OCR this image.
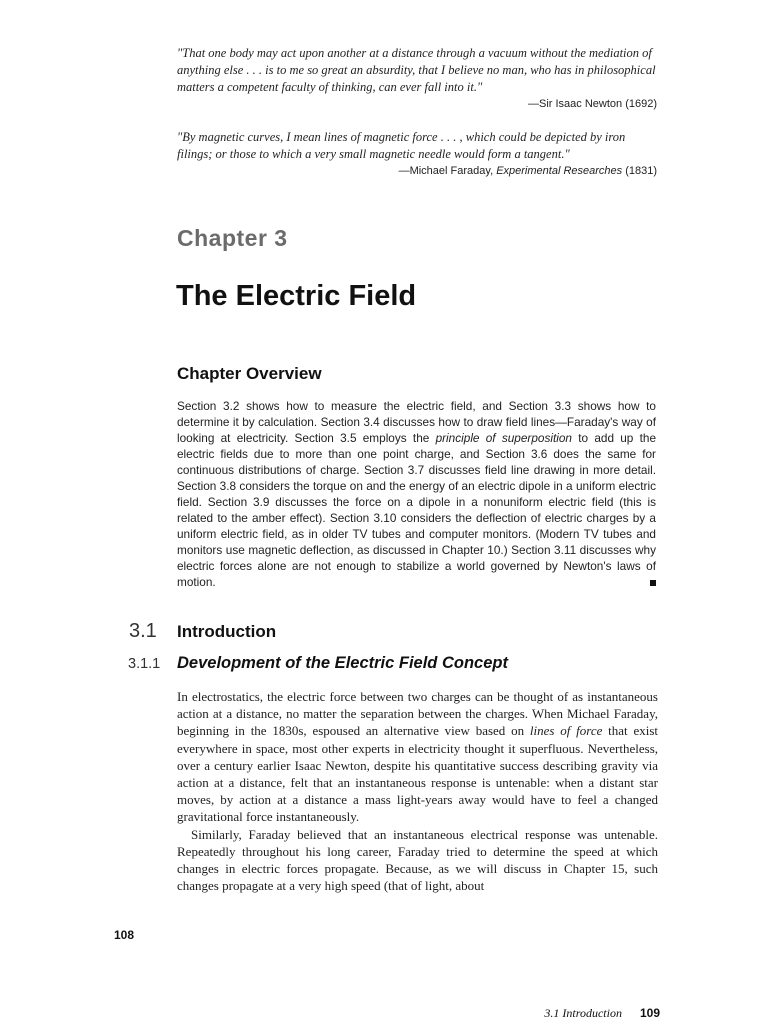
"That one body may act upon another at a distance through a vacuum without the mediation of anything else . . . is to me so great an absurdity, that I believe no man, who has in philosophical matters a competent faculty of thinking, can ever fall into it."

—Sir Isaac Newton (1692)

"By magnetic curves, I mean lines of magnetic force . . . , which could be depicted by iron filings; or those to which a very small magnetic needle would form a tangent."

—Michael Faraday, Experimental Researches (1831)
Chapter 3
The Electric Field
Chapter Overview
Section 3.2 shows how to measure the electric field, and Section 3.3 shows how to determine it by calculation. Section 3.4 discusses how to draw field lines—Faraday's way of looking at electricity. Section 3.5 employs the principle of superposition to add up the electric fields due to more than one point charge, and Section 3.6 does the same for continuous distributions of charge. Section 3.7 discusses field line drawing in more detail. Section 3.8 considers the torque on and the energy of an electric dipole in a uniform electric field. Section 3.9 discusses the force on a dipole in a nonuniform electric field (this is related to the amber effect). Section 3.10 considers the deflection of electric charges by a uniform electric field, as in older TV tubes and computer monitors. (Modern TV tubes and monitors use magnetic deflection, as discussed in Chapter 10.) Section 3.11 discusses why electric forces alone are not enough to stabilize a world governed by Newton's laws of motion.
3.1 Introduction
3.1.1 Development of the Electric Field Concept

In electrostatics, the electric force between two charges can be thought of as instantaneous action at a distance, no matter the separation between the charges. When Michael Faraday, beginning in the 1830s, espoused an alternative view based on lines of force that exist everywhere in space, most other experts in electricity thought it superfluous. Nevertheless, over a century earlier Isaac Newton, despite his quantitative success describing gravity via action at a distance, felt that an instantaneous response is untenable: when a distant star moves, by action at a distance a mass light-years away would have to feel a changed gravitational force instantaneously.

Similarly, Faraday believed that an instantaneous electrical response was untenable. Repeatedly throughout his long career, Faraday tried to determine the speed at which changes in electric forces propagate. Because, as we will discuss in Chapter 15, such changes propagate at a very high speed (that of light, about

108
3.1 Introduction 109
